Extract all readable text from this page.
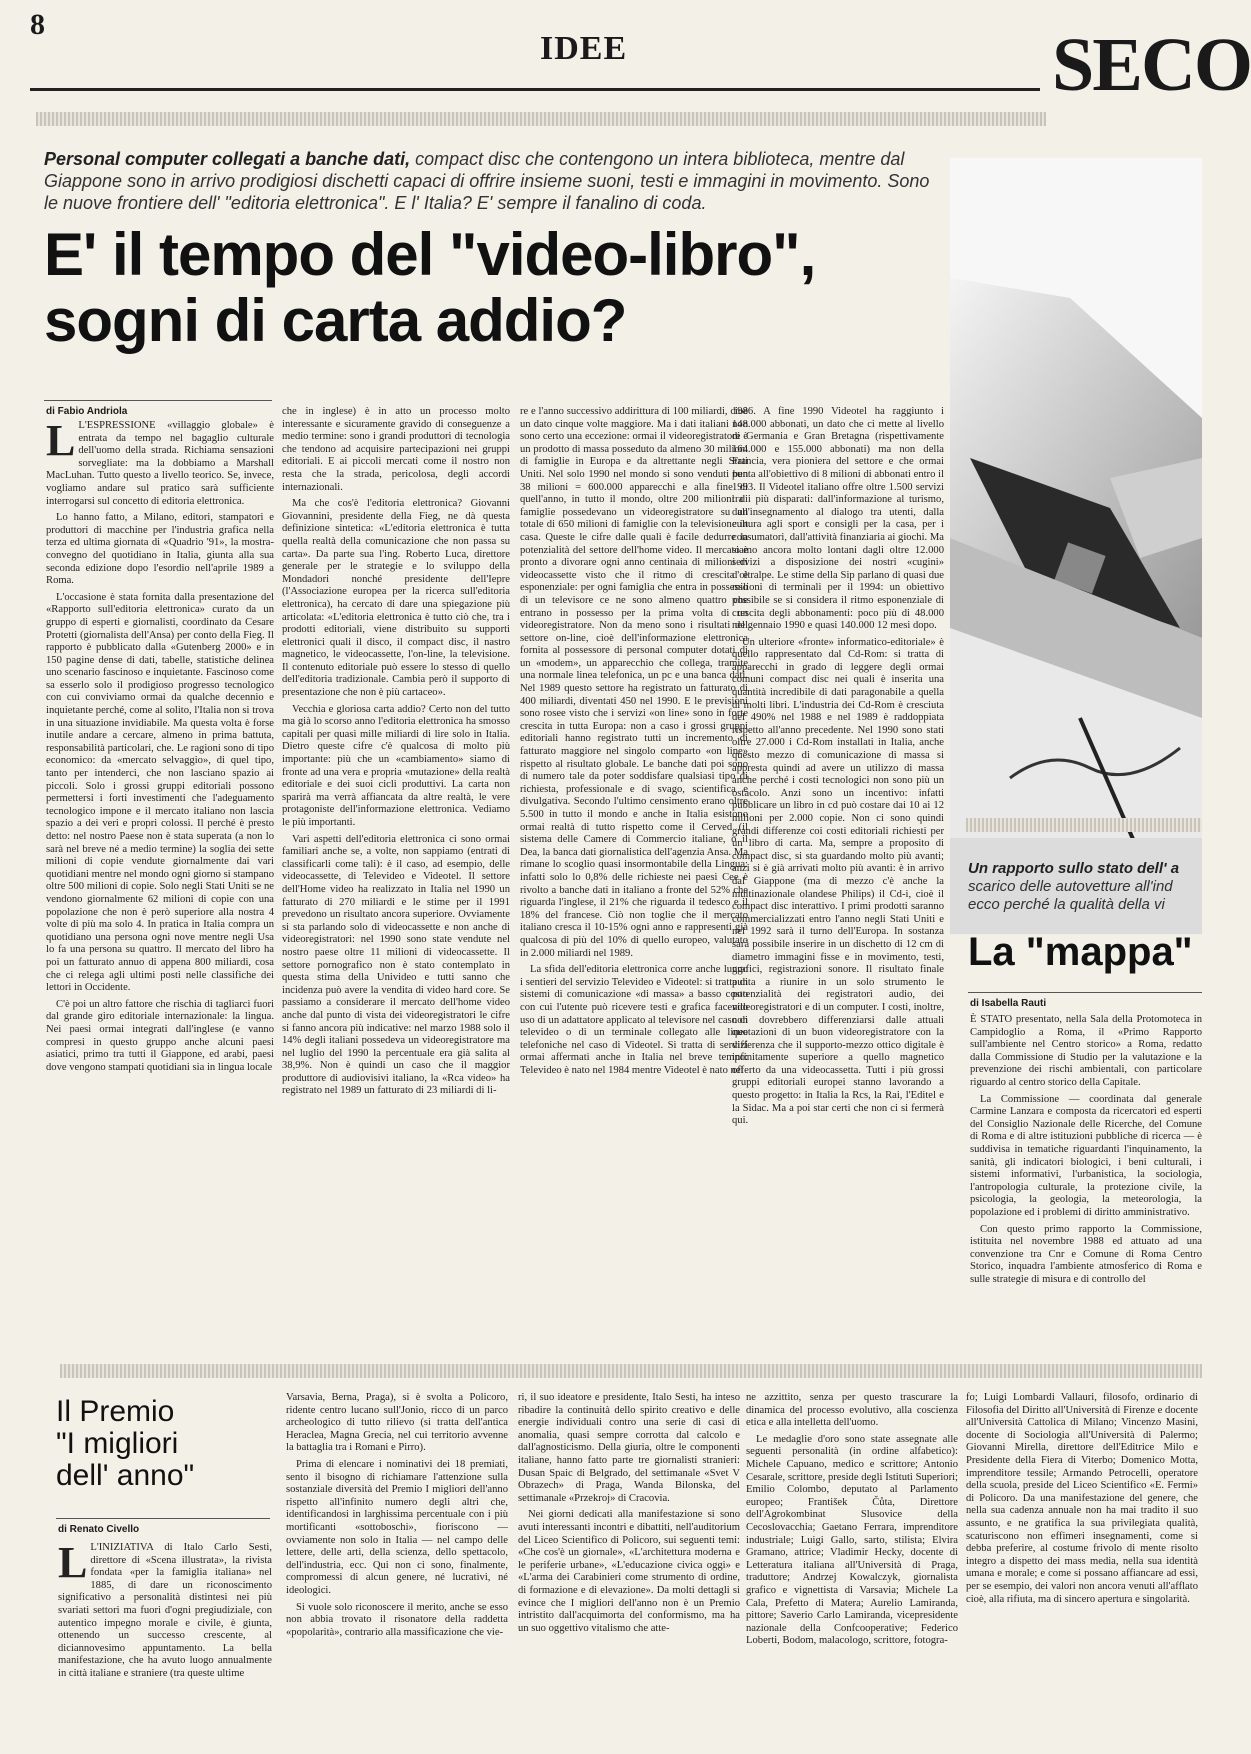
8
IDEE	SECO
Personal computer collegati a banche dati, compact disc che contengono un intera biblioteca, mentre dal Giappone sono in arrivo prodigiosi dischetti capaci di offrire insieme suoni, testi e immagini in movimento. Sono le nuove frontiere dell' "editoria elettronica". E l' Italia? E' sempre il fanalino di coda.
E' il tempo del "video-libro",
sogni di carta addio?
di Fabio Andriola

L L'ESPRESSIONE «villaggio globale» è entrata da tempo nel bagaglio culturale dell'uomo della strada. Richiama sensazioni sorvegliate: ma la dobbiamo a Marshall MacLuhan. Tutto questo a livello teorico. Se, invece, vogliamo andare sul pratico sarà sufficiente interrogarsi sul concetto di editoria elettronica.

Lo hanno fatto, a Milano, editori, stampatori e produttori di macchine per l'industria grafica nella terza ed ultima giornata di «Quadrio '91», la mostra-convegno del quotidiano in Italia, giunta alla sua seconda edizione dopo l'esordio nell'aprile 1989 a Roma.

L'occasione è stata fornita dalla presentazione del «Rapporto sull'editoria elettronica» curato da un gruppo di esperti e giornalisti, coordinato da Cesare Protetti (giornalista dell'Ansa) per conto della Fieg. Il rapporto è pubblicato dalla «Gutenberg 2000» e in 150 pagine dense di dati, tabelle, statistiche delinea uno scenario fascinoso e inquietante. Fascinoso come sa esserlo solo il prodigioso progresso tecnologico con cui conviviamo ormai da qualche decennio e inquietante perché, come al solito, l'Italia non si trova in una situazione invidiabile. Ma questa volta è forse inutile andare a cercare, almeno in prima battuta, responsabilità particolari, che. Le ragioni sono di tipo economico: da «mercato selvaggio», di quel tipo, tanto per intenderci, che non lasciano spazio ai piccoli. Solo i grossi gruppi editoriali possono permettersi i forti investimenti che l'adeguamento tecnologico impone e il mercato italiano non lascia spazio a dei veri e propri colossi. Il perché è presto detto: nel nostro Paese non è stata superata (a non lo sarà nel breve né a medio termine) la soglia dei sette milioni di copie vendute giornalmente dai vari quotidiani mentre nel mondo ogni giorno si stampano oltre 500 milioni di copie. Solo negli Stati Uniti se ne vendono giornalmente 62 milioni di copie con una popolazione che non è però superiore alla nostra 4 volte di più ma solo 4. In pratica in Italia compra un quotidiano una persona ogni nove mentre negli Usa lo fa una persona su quattro. Il mercato del libro ha poi un fatturato annuo di appena 800 miliardi, cosa che ci relega agli ultimi posti nelle classifiche dei lettori in Occidente.

C'è poi un altro fattore che rischia di tagliarci fuori dal grande giro editoriale internazionale: la lingua. Nei paesi ormai integrati dall'inglese (e vanno compresi in questo gruppo anche alcuni paesi asiatici, primo tra tutti il Giappone, ed arabi, paesi dove vengono stampati quotidiani sia in lingua locale

che in inglese) è in atto un processo molto interessante e sicuramente gravido di conseguenze a medio termine: sono i grandi produttori di tecnologia che tendono ad acquisire partecipazioni nei gruppi editoriali. E ai piccoli mercati come il nostro non resta che la strada, pericolosa, degli accordi internazionali.

Ma che cos'è l'editoria elettronica? Giovanni Giovannini, presidente della Fieg, ne dà questa definizione sintetica: «L'editoria elettronica è tutta quella realtà della comunicazione che non passa su carta». Da parte sua l'ing. Roberto Luca, direttore generale per le strategie e lo sviluppo della Mondadori nonché presidente dell'Iepre (l'Associazione europea per la ricerca sull'editoria elettronica), ha cercato di dare una spiegazione più articolata: «L'editoria elettronica è tutto ciò che, tra i prodotti editoriali, viene distribuito su supporti elettronici quali il disco, il compact disc, il nastro magnetico, le videocassette, l'on-line, la televisione. Il contenuto editoriale può essere lo stesso di quello dell'editoria tradizionale. Cambia però il supporto di presentazione che non è più cartaceo».

Vecchia e gloriosa carta addio? Certo non del tutto ma già lo scorso anno l'editoria elettronica ha smosso capitali per quasi mille miliardi di lire solo in Italia. Dietro queste cifre c'è qualcosa di molto più importante: più che un «cambiamento» siamo di fronte ad una vera e propria «mutazione» della realtà editoriale e dei suoi cicli produttivi. La carta non sparirà ma verrà affiancata da altre realtà, le vere protagoniste dell'informazione elettronica. Vediamo le più importanti.

Vari aspetti dell'editoria elettronica ci sono ormai familiari anche se, a volte, non sappiamo (entrati di classificarli come tali): è il caso, ad esempio, delle videocassette, di Televideo e Videotel. Il settore dell'Home video ha realizzato in Italia nel 1990 un fatturato di 270 miliardi e le stime per il 1991 prevedono un risultato ancora superiore. Ovviamente si sta parlando solo di videocassette e non anche di videoregistratori: nel 1990 sono state vendute nel nostro paese oltre 11 milioni di videocassette. Il settore pornografico non è stato contemplato in questa stima della Univideo e tutti sanno che incidenza può avere la vendita di video hard core. Se passiamo a considerare il mercato dell'home video anche dal punto di vista dei videoregistratori le cifre si fanno ancora più indicative: nel marzo 1988 solo il 14% degli italiani possedeva un videoregistratore ma nel luglio del 1990 la percentuale era già salita al 38,9%. Non è quindi un caso che il maggior produttore di audiovisivi italiano, la «Rca video» ha registrato nel 1989 un fatturato di 23 miliardi di li-

re e l'anno successivo addirittura di 100 miliardi, cioè un dato cinque volte maggiore. Ma i dati italiani non sono certo una eccezione: ormai il videoregistratore è un prodotto di massa posseduto da almeno 30 milioni di famiglie in Europa e da altrettante negli Stati Uniti. Nel solo 1990 nel mondo si sono venduti ben 38 milioni = 600.000 apparecchi e alla fine di quell'anno, in tutto il mondo, oltre 200 milioni di famiglie possedevano un videoregistratore su un totale di 650 milioni di famiglie con la televisione in casa. Queste le cifre dalle quali è facile dedurre la potenzialità del settore dell'home video. Il mercato è pronto a divorare ogni anno centinaia di milioni di videocassette visto che il ritmo di crescita è esponenziale: per ogni famiglia che entra in possesso di un televisore ce ne sono almeno quattro che entrano in possesso per la prima volta di un videoregistratore. Non da meno sono i risultati del settore on-line, cioè dell'informazione elettronica fornita al possessore di personal computer dotati di un «modem», un apparecchio che collega, tramite una normale linea telefonica, un pc e una banca dati. Nel 1989 questo settore ha registrato un fatturato di 400 miliardi, diventati 450 nel 1990. E le previsioni sono rosee visto che i servizi «on line» sono in forte crescita in tutta Europa: non a caso i grossi gruppi editoriali hanno registrato tutti un incremento di fatturato maggiore nel singolo comparto «on line» rispetto al risultato globale. Le banche dati poi sono di numero tale da poter soddisfare qualsiasi tipo di richiesta, professionale e di svago, scientifica e divulgativa. Secondo l'ultimo censimento erano oltre 5.500 in tutto il mondo e anche in Italia esistono ormai realtà di tutto rispetto come il Cerved (il sistema delle Camere di Commercio italiane, o il Dea, la banca dati giornalistica dell'agenzia Ansa. Ma rimane lo scoglio quasi insormontabile della Lingua: infatti solo lo 0,8% delle richieste nei paesi Cee è rivolto a banche dati in italiano a fronte del 52% che riguarda l'inglese, il 21% che riguarda il tedesco e il 18% del francese. Ciò non toglie che il mercato italiano cresca il 10-15% ogni anno e rappresenti già qualcosa di più del 10% di quello europeo, valutato in 2.000 miliardi nel 1989.

La sfida dell'editoria elettronica corre anche lungo i sentieri del servizio Televideo e Videotel: si tratta di sistemi di comunicazione «di massa» a basso costo con cui l'utente può ricevere testi e grafica facendo uso di un adattatore applicato al televisore nel caso di televideo o di un terminale collegato alle linee telefoniche nel caso di Videotel. Si tratta di servizi ormai affermati anche in Italia nel breve tempo: Televideo è nato nel 1984 mentre Videotel è nato nel

1986. A fine 1990 Videotel ha raggiunto i 148.000 abbonati, un dato che ci mette al livello di Germania e Gran Bretagna (rispettivamente 164.000 e 155.000 abbonati) ma non della Francia, vera pioniera del settore e che ormai punta all'obiettivo di 8 milioni di abbonati entro il 1993. Il Videotel italiano offre oltre 1.500 servizi tra i più disparati: dall'informazione al turismo, dall'insegnamento al dialogo tra utenti, dalla cultura agli sport e consigli per la casa, per i consumatori, dall'attività finanziaria ai giochi. Ma siamo ancora molto lontani dagli oltre 12.000 servizi a disposizione dei nostri «cugini» d'oltralpe. Le stime della Sip parlano di quasi due milioni di terminali per il 1994: un obiettivo possibile se si considera il ritmo esponenziale di crescita degli abbonamenti: poco più di 48.000 nel gennaio 1990 e quasi 140.000 12 mesi dopo.

Un ulteriore «fronte» informatico-editoriale» è quello rappresentato dal Cd-Rom: si tratta di apparecchi in grado di leggere degli ormai comuni compact disc nei quali è inserita una quantità incredibile di dati paragonabile a quella di molti libri. L'industria dei Cd-Rom è cresciuta del 490% nel 1988 e nel 1989 è raddoppiata rispetto all'anno precedente. Nel 1990 sono stati oltre 27.000 i Cd-Rom installati in Italia, anche questo mezzo di comunicazione di massa si appresta quindi ad avere un utilizzo di massa anche perché i costi tecnologici non sono più un ostacolo. Anzi sono un incentivo: infatti pubblicare un libro in cd può costare dai 10 ai 12 milioni per 2.000 copie. Non ci sono quindi grandi differenze coi costi editoriali richiesti per un libro di carta. Ma, sempre a proposito di compact disc, si sta guardando molto più avanti; anzi si è già arrivati molto più avanti: è in arrivo dal Giappone (ma di mezzo c'è anche la multinazionale olandese Philips) il Cd-i, cioè il compact disc interattivo. I primi prodotti saranno commercializzati entro l'anno negli Stati Uniti e nel 1992 sarà il turno dell'Europa. In sostanza sarà possibile inserire in un dischetto di 12 cm di diametro immagini fisse e in movimento, testi, grafici, registrazioni sonore. Il risultato finale punta a riunire in un solo strumento le potenzialità dei registratori audio, dei videoregistratori e di un computer. I costi, inoltre, non dovrebbero differenziarsi dalle attuali quotazioni di un buon videoregistratore con la differenza che il supporto-mezzo ottico digitale è infinitamente superiore a quello magnetico offerto da una videocassetta. Tutti i più grossi gruppi editoriali europei stanno lavorando a questo progetto: in Italia la Rcs, la Rai, l'Editel e la Sidac. Ma a poi star certi che non ci si fermerà qui.

Un rapporto sullo stato dell' a
scarico delle autovetture all'ind ecco perché la qualità della vi
La "mappa"
di Isabella Rauti

È STATO presentato, nella Sala della Protomoteca in Campidoglio a Roma, il «Primo Rapporto sull'ambiente nel Centro storico» a Roma, redatto dalla Commissione di Studio per la valutazione e la prevenzione dei rischi ambientali, con particolare riguardo al centro storico della Capitale.

La Commissione — coordinata dal generale Carmine Lanzara e composta da ricercatori ed esperti del Consiglio Nazionale delle Ricerche, del Comune di Roma e di altre istituzioni pubbliche di ricerca — è suddivisa in tematiche riguardanti l'inquinamento, la sanità, gli indicatori biologici, i beni culturali, i sistemi informativi, l'urbanistica, la sociologia, l'antropologia culturale, la protezione civile, la psicologia, la geologia, la meteorologia, la popolazione ed i problemi di diritto amministrativo.

Con questo primo rapporto la Commissione, istituita nel novembre 1988 ed attuato ad una convenzione tra Cnr e Comune di Roma Centro Storico, inquadra l'ambiente atmosferico di Roma e sulle strategie di misura e di controllo del

Il Premio
"I migliori
dell' anno"
di Renato Civello

L L'INIZIATIVA di Italo Carlo Sesti, direttore di «Scena illustrata», la rivista fondata «per la famiglia italiana» nel 1885, di dare un riconoscimento significativo a personalità distintesi nei più svariati settori ma fuori d'ogni pregiudiziale, con autentico impegno morale e civile, è giunta, ottenendo un successo crescente, al diciannovesimo appuntamento. La bella manifestazione, che ha avuto luogo annualmente in città italiane e straniere (tra queste ultime

Varsavia, Berna, Praga), si è svolta a Policoro, ridente centro lucano sull'Jonio, ricco di un parco archeologico di tutto rilievo (si tratta dell'antica Heraclea, Magna Grecia, nel cui territorio avvenne la battaglia tra i Romani e Pirro).

Prima di elencare i nominativi dei 18 premiati, sento il bisogno di richiamare l'attenzione sulla sostanziale diversità del Premio I migliori dell'anno rispetto all'infinito numero degli altri che, identificandosi in larghissima percentuale con i più mortificanti «sottoboschi», fioriscono — ovviamente non solo in Italia — nel campo delle lettere, delle arti, della scienza, dello spettacolo, dell'industria, ecc. Qui non ci sono, finalmente, compromessi di alcun genere, né lucrativi, né ideologici.

Si vuole solo riconoscere il merito, anche se esso non abbia trovato il risonatore della raddetta «popolarità», contrario alla massificazione che vie-

ri, il suo ideatore e presidente, Italo Sesti, ha inteso ribadire la continuità dello spirito creativo e delle energie individuali contro una serie di casi di anomalia, quasi sempre corrotta dal calcolo e dall'agnosticismo. Della giuria, oltre le componenti italiane, hanno fatto parte tre giornalisti stranieri: Dusan Spaic di Belgrado, del settimanale «Svet V Obrazech» di Praga, Wanda Bilonska, del settimanale «Przekroj» di Cracovia.

Nei giorni dedicati alla manifestazione si sono avuti interessanti incontri e dibattiti, nell'auditorium del Liceo Scientifico di Policoro, sui seguenti temi: «Che cos'è un giornale», «L'architettura moderna e le periferie urbane», «L'educazione civica oggi» e «L'arma dei Carabinieri come strumento di ordine, di formazione e di elevazione». Da molti dettagli si evince che I migliori dell'anno non è un Premio intristito dall'acquimorta del conformismo, ma ha un suo oggettivo vitalismo che atte-

ne azzittito, senza per questo trascurare la dinamica del processo evolutivo, alla coscienza etica e alla intelletta dell'uomo.

Le medaglie d'oro sono state assegnate alle seguenti personalità (in ordine alfabetico): Michele Capuano, medico e scrittore; Antonio Cesarale, scrittore, preside degli Istituti Superiori; Emilio Colombo, deputato al Parlamento europeo; František Čůta, Direttore dell'Agrokombinat Slusovice della Cecoslovacchia; Gaetano Ferrara, imprenditore industriale; Luigi Gallo, sarto, stilista; Elvira Gramano, attrice; Vladimir Hecky, docente di Letteratura italiana all'Università di Praga, traduttore; Andrzej Kowalczyk, giornalista grafico e vignettista di Varsavia; Michele La Cala, Prefetto di Matera; Aurelio Lamiranda, pittore; Saverio Carlo Lamiranda, vicepresidente nazionale della Confcooperative; Federico Loberti, Bodom, malacologo, scrittore, fotogra-

fo; Luigi Lombardi Vallauri, filosofo, ordinario di Filosofia del Diritto all'Università di Firenze e docente all'Università Cattolica di Milano; Vincenzo Masini, docente di Sociologia all'Università di Palermo; Giovanni Mirella, direttore dell'Editrice Milo e Presidente della Fiera di Viterbo; Domenico Motta, imprenditore tessile; Armando Petrocelli, operatore della scuola, preside del Liceo Scientifico «E. Fermi» di Policoro. Da una manifestazione del genere, che nella sua cadenza annuale non ha mai tradito il suo assunto, e ne gratifica la sua privilegiata qualità, scaturiscono non effimeri insegnamenti, come si debba preferire, al costume frivolo di mente risolto integro a dispetto dei mass media, nella sua identità umana e morale; e come si possano affiancare ad essi, per se esempio, dei valori non ancora venuti all'afflato cioè, alla rifiuta, ma di sincero apertura e singolarità.
